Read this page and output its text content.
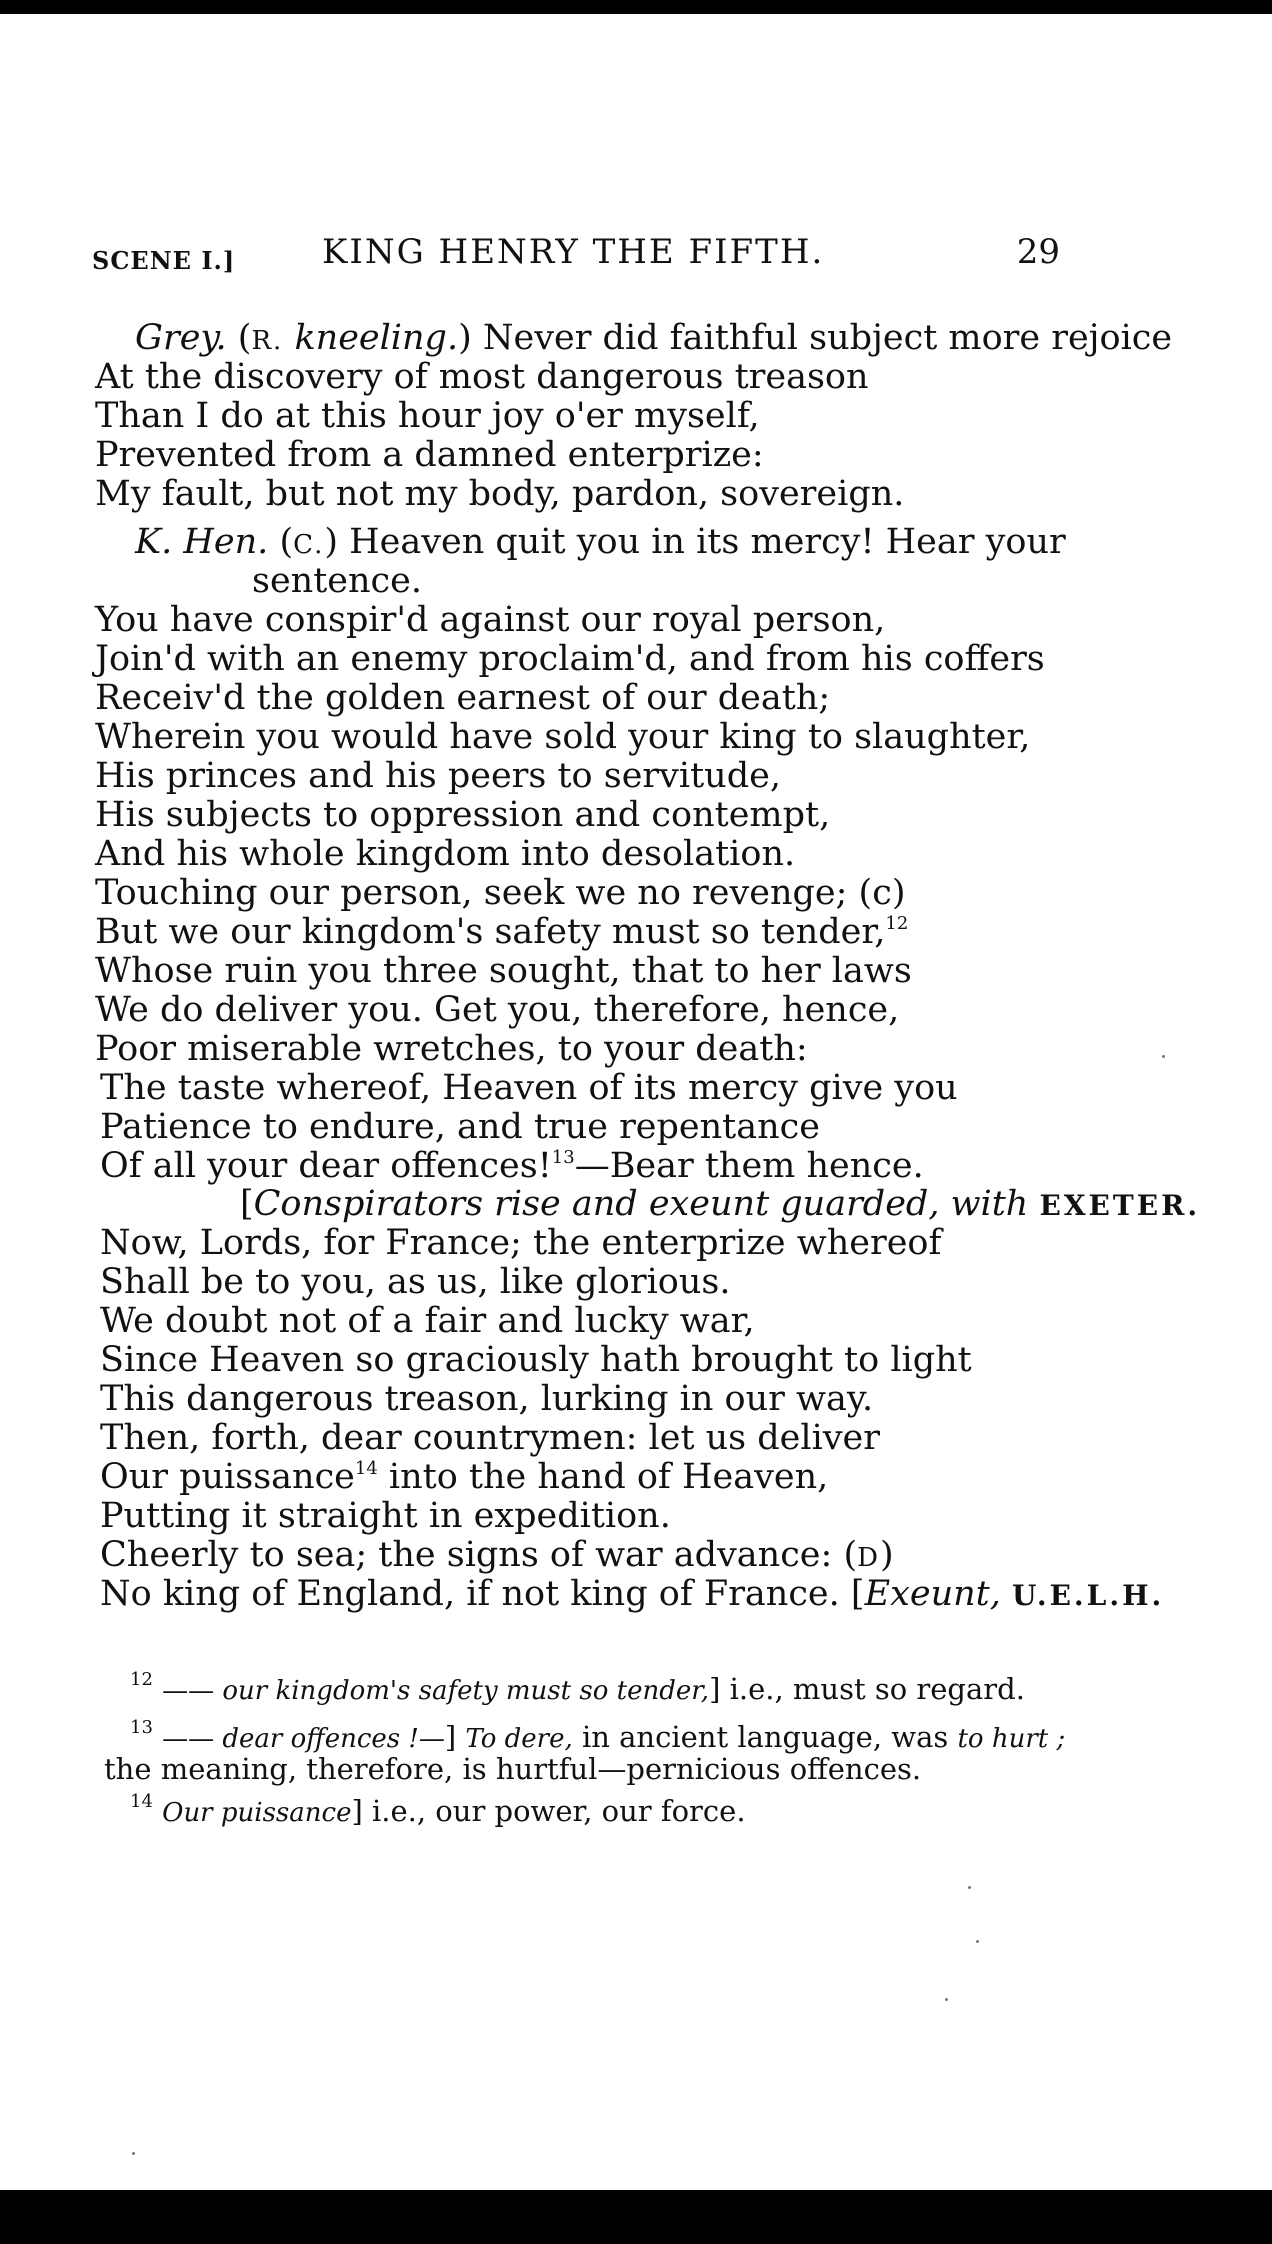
SCENE I.]	KING HENRY THE FIFTH.	29
Grey. (R. kneeling.) Never did faithful subject more rejoice
At the discovery of most dangerous treason
Than I do at this hour joy o'er myself,
Prevented from a damned enterprize:
My fault, but not my body, pardon, sovereign.
K. Hen. (C.) Heaven quit you in its mercy! Hear your
sentence.
You have conspir'd against our royal person,
Join'd with an enemy proclaim'd, and from his coffers
Receiv'd the golden earnest of our death;
Wherein you would have sold your king to slaughter,
His princes and his peers to servitude,
His subjects to oppression and contempt,
And his whole kingdom into desolation.
Touching our person, seek we no revenge; (c)
But we our kingdom's safety must so tender,$^{12}$
Whose ruin you three sought, that to her laws
We do deliver you. Get you, therefore, hence,
Poor miserable wretches, to your death:
The taste whereof, Heaven of its mercy give you
Patience to endure, and true repentance
Of all your dear offences!$^{13}$—Bear them hence.
[Conspirators rise and exeunt guarded, with EXETER.
Now, Lords, for France; the enterprize whereof
Shall be to you, as us, like glorious.
We doubt not of a fair and lucky war,
Since Heaven so graciously hath brought to light
This dangerous treason, lurking in our way.
Then, forth, dear countrymen: let us deliver
Our puissance$^{14}$ into the hand of Heaven,
Putting it straight in expedition.
Cheerly to sea; the signs of war advance: (D)
No king of England, if not king of France. [Exeunt, U.E.L.H.
$^{12}$ —— our kingdom's safety must so tender,] i.e., must so regard.
$^{13}$ —— dear offences !—] To dere, in ancient language, was to hurt ;
the meaning, therefore, is hurtful—pernicious offences.
$^{14}$ Our puissance] i.e., our power, our force.
